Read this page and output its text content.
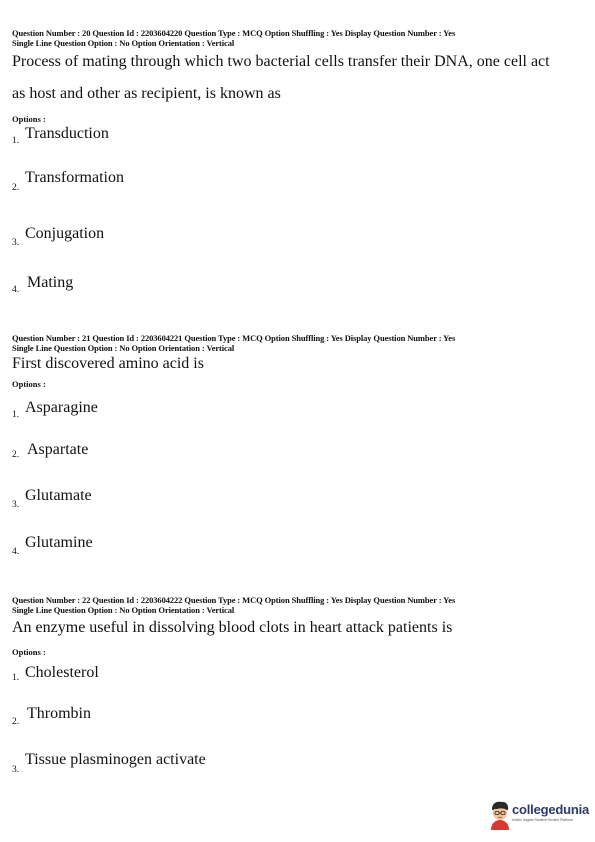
Question Number : 20 Question Id : 2203604220 Question Type : MCQ Option Shuffling : Yes Display Question Number : Yes
Single Line Question Option : No Option Orientation : Vertical
Process of mating through which two bacterial cells transfer their DNA, one cell act
as host and other as recipient, is known as
Options :
1. Transduction
2.
Transformation
3.
Conjugation
4. Mating
Question Number : 21 Question Id : 2203604221 Question Type : MCQ Option Shuffling : Yes Display Question Number : Yes
Single Line Question Option : No Option Orientation : Vertical
First discovered amino acid is
Options :
1. Asparagine
2. Aspartate
3.
Glutamate
4.
Glutamine
Question Number : 22 Question Id : 2203604222 Question Type : MCQ Option Shuffling : Yes Display Question Number : Yes
Single Line Question Option : No Option Orientation : Vertical
An enzyme useful in dissolving blood clots in heart attack patients is
Options :
1. Cholesterol
2. Thrombin
3.
Tissue plasminogen activate
collegedunia
India's largest Student Review Platform
